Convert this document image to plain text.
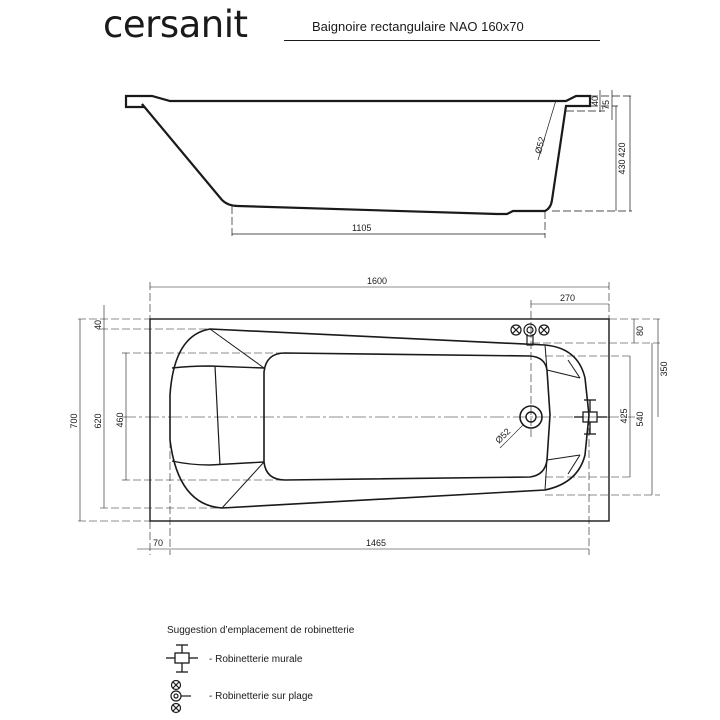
cersanit	Baignoire rectangulaire NAO 160x70
1105
40 75
420
430
Ø52
1600
270
700 620 460
40
80
350
425 540
Ø52
70	1465
Suggestion d’emplacement de robinetterie
- Robinetterie murale
- Robinetterie sur plage
